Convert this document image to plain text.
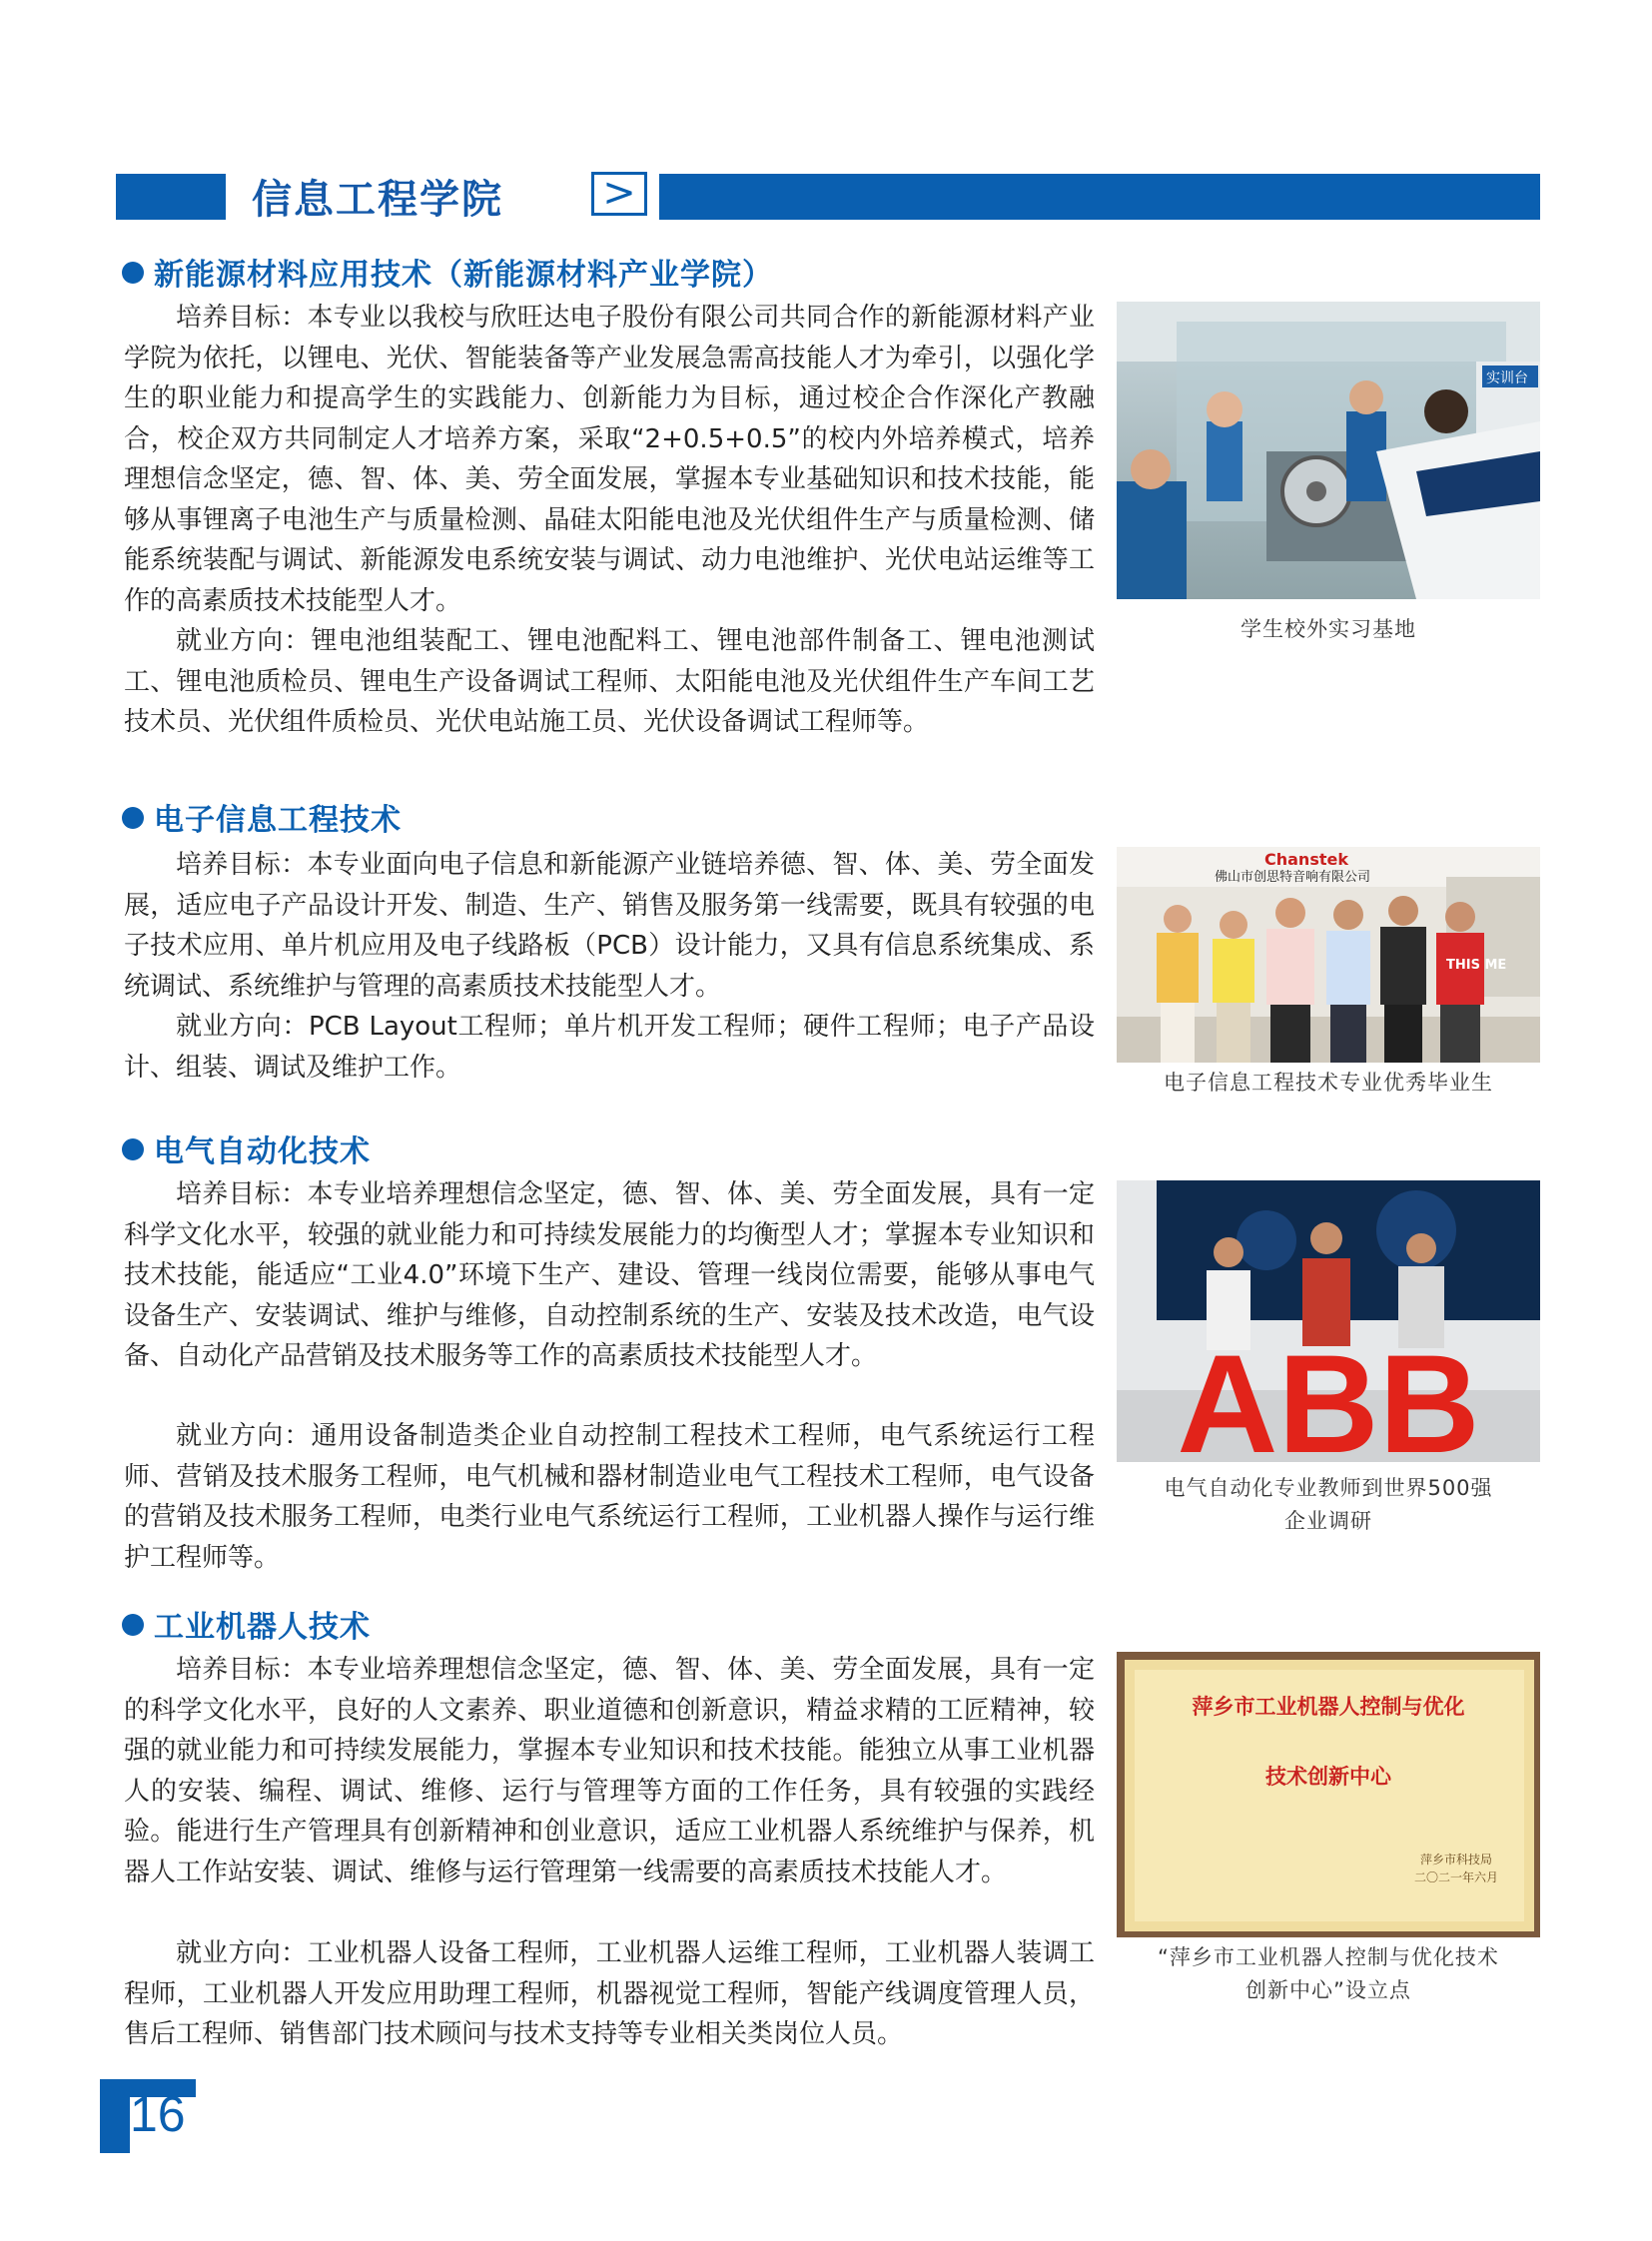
信息工程学院 >
新能源材料应用技术（新能源材料产业学院）
培养目标：本专业以我校与欣旺达电子股份有限公司共同合作的新能源材料产业学院为依托，以锂电、光伏、智能装备等产业发展急需高技能人才为牵引，以强化学生的职业能力和提高学生的实践能力、创新能力为目标，通过校企合作深化产教融合，校企双方共同制定人才培养方案，采取“2+0.5+0.5”的校内外培养模式，培养理想信念坚定，德、智、体、美、劳全面发展，掌握本专业基础知识和技术技能，能够从事锂离子电池生产与质量检测、晶硅太阳能电池及光伏组件生产与质量检测、储能系统装配与调试、新能源发电系统安装与调试、动力电池维护、光伏电站运维等工作的高素质技术技能型人才。
就业方向：锂电池组装配工、锂电池配料工、锂电池部件制备工、锂电池测试工、锂电池质检员、锂电生产设备调试工程师、太阳能电池及光伏组件生产车间工艺技术员、光伏组件质检员、光伏电站施工员、光伏设备调试工程师等。
实训台
学生校外实习基地
电子信息工程技术
培养目标：本专业面向电子信息和新能源产业链培养德、智、体、美、劳全面发展，适应电子产品设计开发、制造、生产、销售及服务第一线需要，既具有较强的电子技术应用、单片机应用及电子线路板（PCB）设计能力，又具有信息系统集成、系统调试、系统维护与管理的高素质技术技能型人才。
就业方向：PCB Layout工程师；单片机开发工程师；硬件工程师；电子产品设计、组装、调试及维护工作。
Chanstek
佛山市创思特音响有限公司
THIS ME
电子信息工程技术专业优秀毕业生
电气自动化技术
培养目标：本专业培养理想信念坚定，德、智、体、美、劳全面发展，具有一定科学文化水平，较强的就业能力和可持续发展能力的均衡型人才；掌握本专业知识和技术技能，能适应“工业4.0”环境下生产、建设、管理一线岗位需要，能够从事电气设备生产、安装调试、维护与维修，自动控制系统的生产、安装及技术改造，电气设备、自动化产品营销及技术服务等工作的高素质技术技能型人才。
就业方向：通用设备制造类企业自动控制工程技术工程师，电气系统运行工程师、营销及技术服务工程师，电气机械和器材制造业电气工程技术工程师，电气设备的营销及技术服务工程师，电类行业电气系统运行工程师，工业机器人操作与运行维护工程师等。
ABB
电气自动化专业教师到世界500强
企业调研
工业机器人技术
培养目标：本专业培养理想信念坚定，德、智、体、美、劳全面发展，具有一定的科学文化水平，良好的人文素养、职业道德和创新意识，精益求精的工匠精神，较强的就业能力和可持续发展能力，掌握本专业知识和技术技能。能独立从事工业机器人的安装、编程、调试、维修、运行与管理等方面的工作任务，具有较强的实践经验。能进行生产管理具有创新精神和创业意识，适应工业机器人系统维护与保养，机器人工作站安装、调试、维修与运行管理第一线需要的高素质技术技能人才。
就业方向：工业机器人设备工程师，工业机器人运维工程师，工业机器人装调工程师，工业机器人开发应用助理工程师，机器视觉工程师，智能产线调度管理人员，售后工程师、销售部门技术顾问与技术支持等专业相关类岗位人员。
萍乡市工业机器人控制与优化
技术创新中心
萍乡市科技局
二〇二一年六月
“萍乡市工业机器人控制与优化技术
创新中心”设立点
16
